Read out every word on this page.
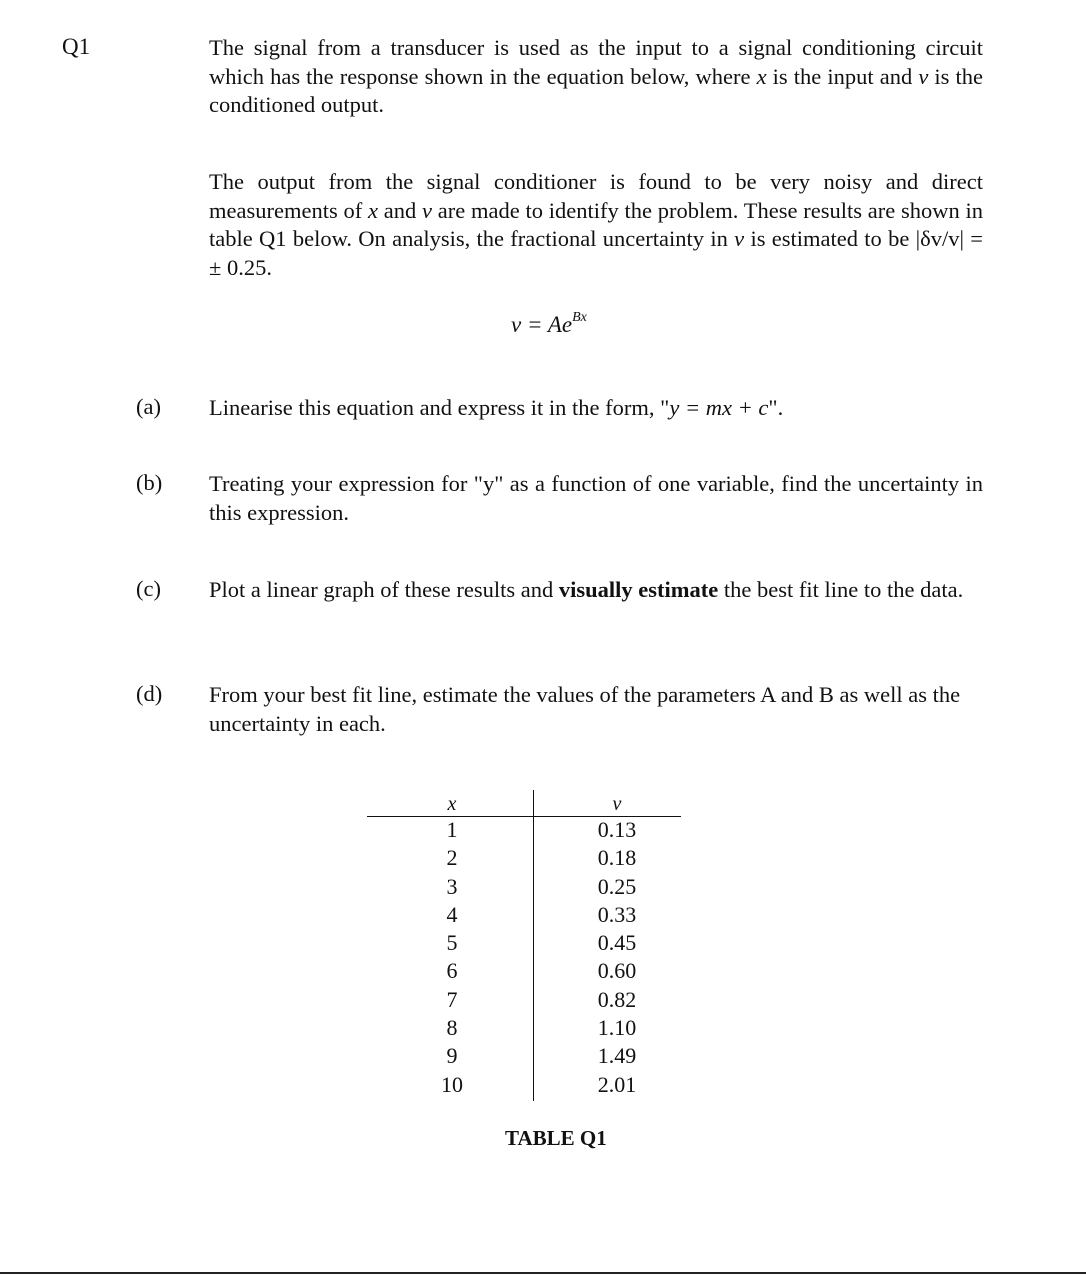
Q1	The signal from a transducer is used as the input to a signal conditioning circuit which has the response shown in the equation below, where x is the input and v is the conditioned output.
The output from the signal conditioner is found to be very noisy and direct measurements of x and v are made to identify the problem. These results are shown in table Q1 below. On analysis, the fractional uncertainty in v is estimated to be |δv/v| = ± 0.25.
$v = Ae^{Bx}$
(a) Linearise this equation and express it in the form, "y = mx + c".
(b) Treating your expression for "y" as a function of one variable, find the uncertainty in this expression.
(c) Plot a linear graph of these results and visually estimate the best fit line to the data.
(d) From your best fit line, estimate the values of the parameters A and B as well as the uncertainty in each.
x
1
2
3
4
5
6
7
8
9
10
v
0.13
0.18
0.25
0.33
0.45
0.60
0.82
1.10
1.49
2.01
TABLE Q1
